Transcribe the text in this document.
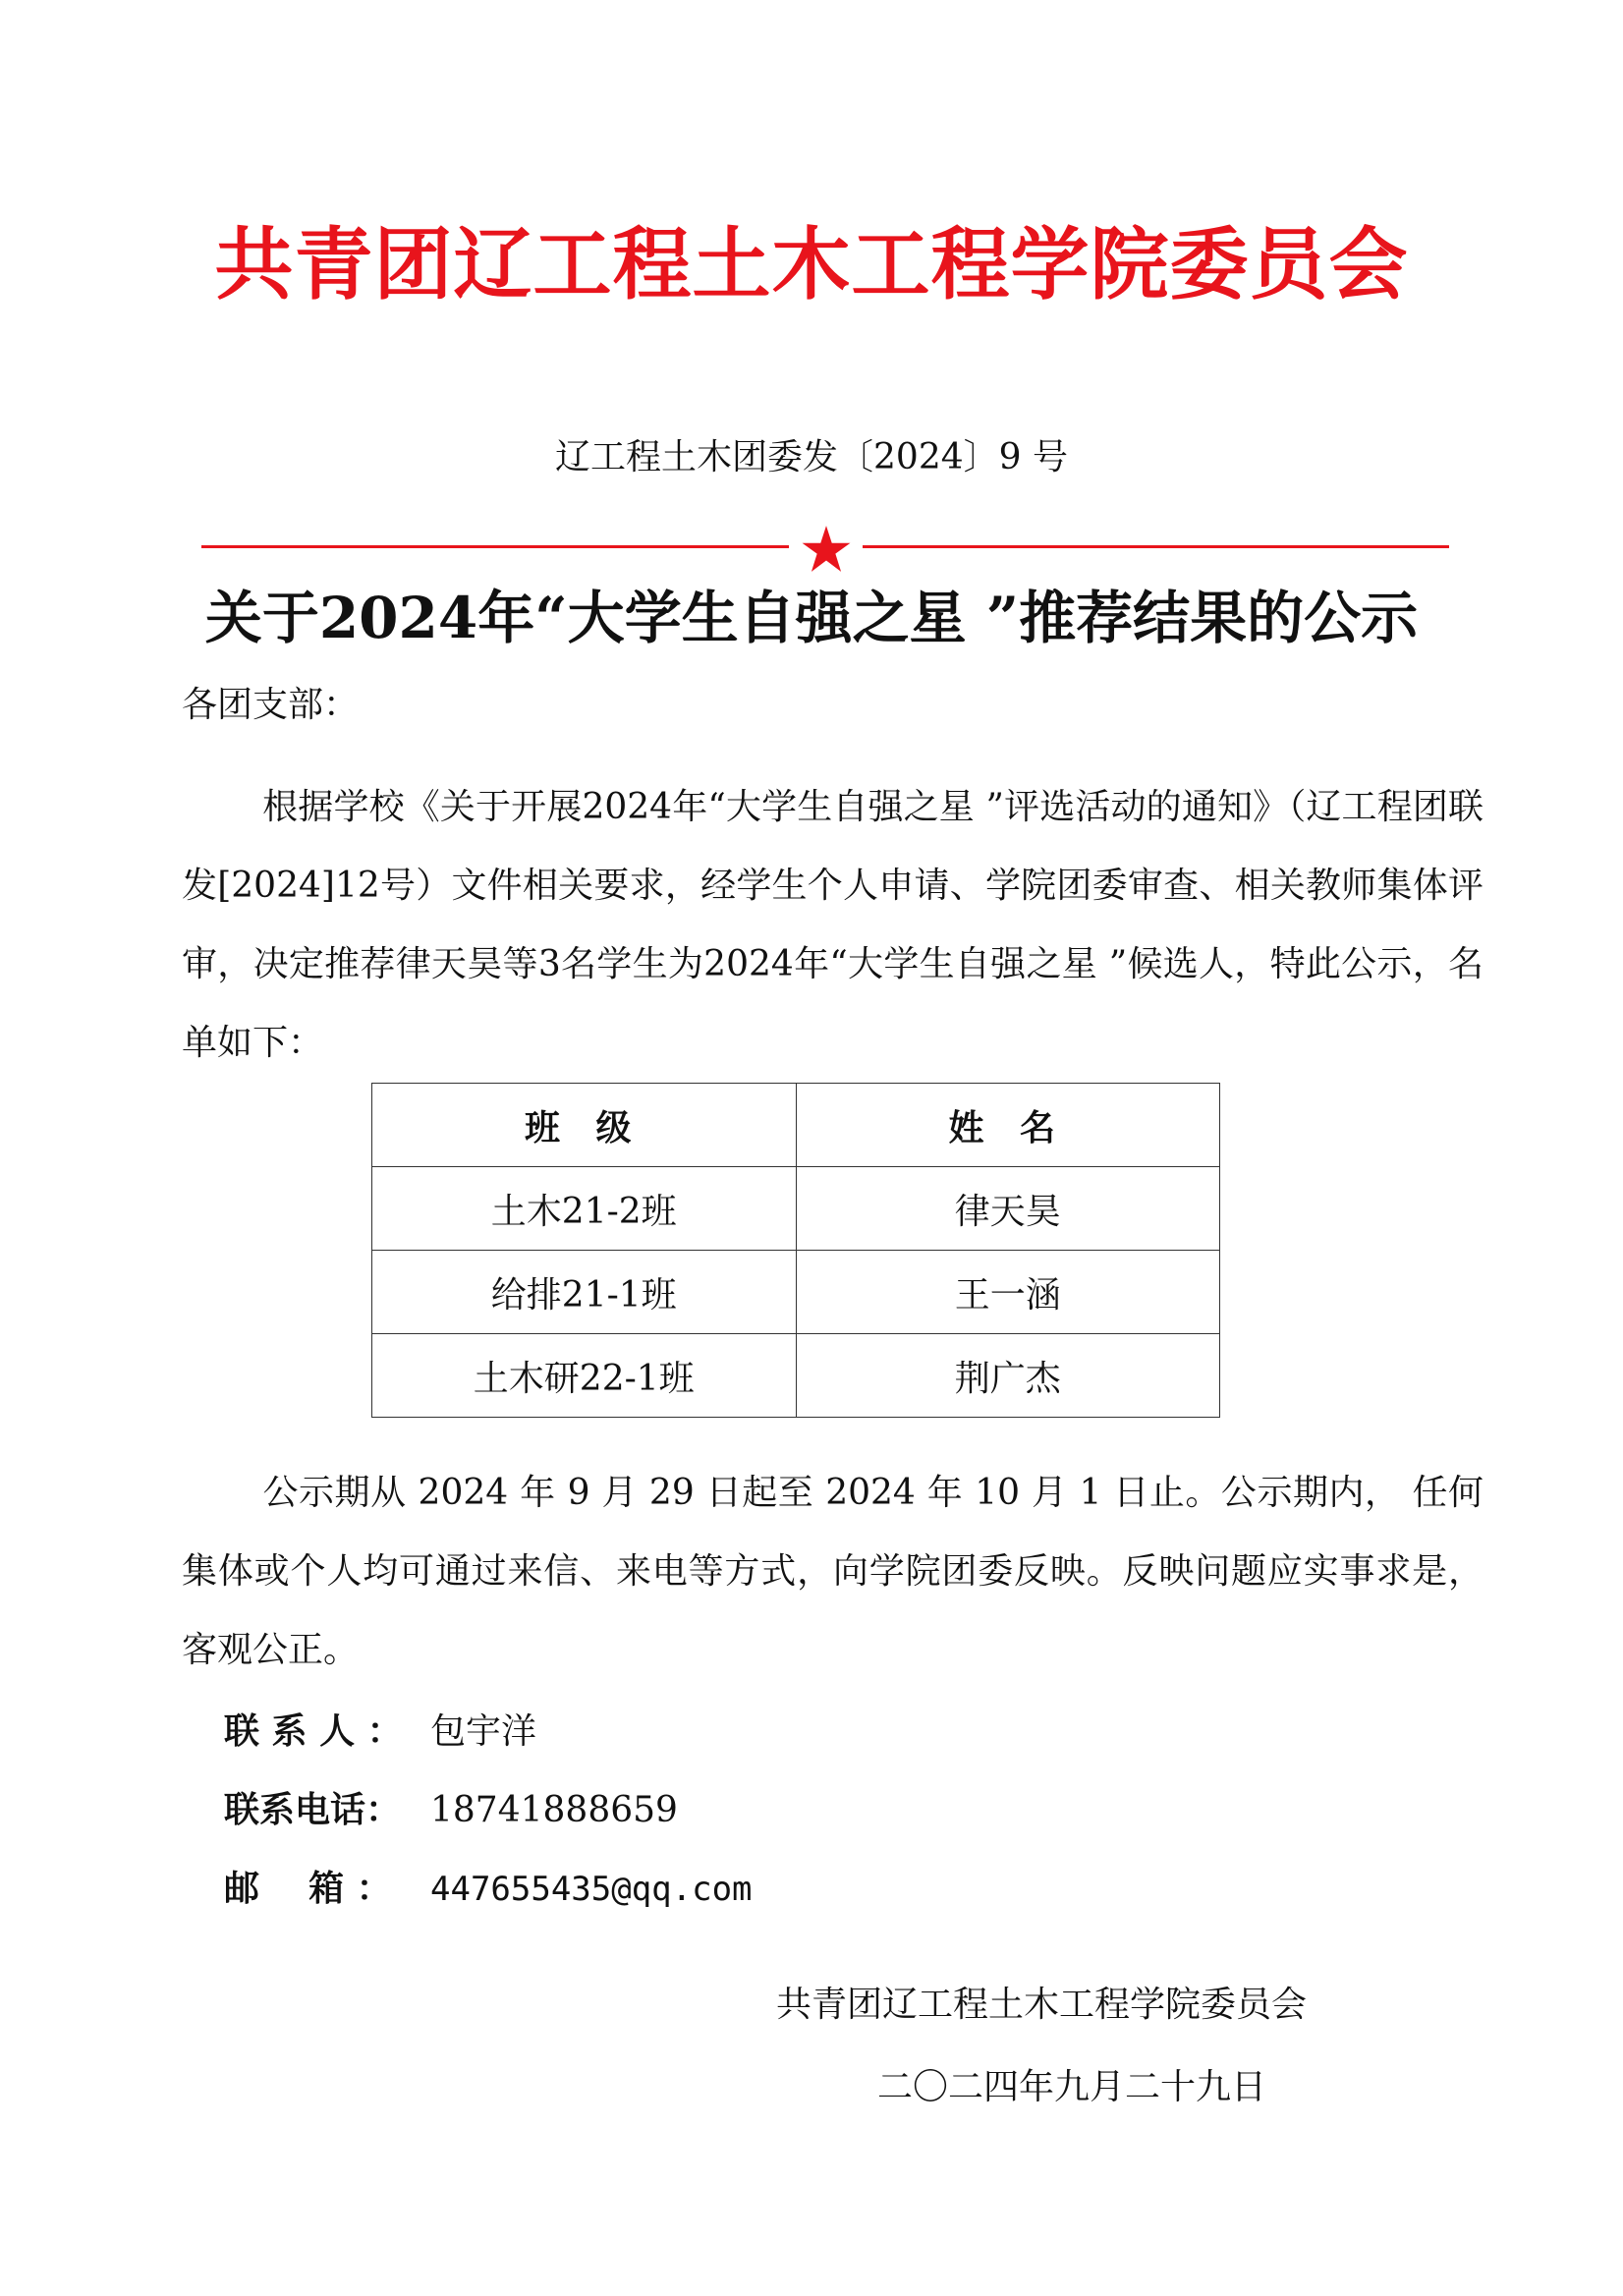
共青团辽工程土木工程学院委员会
辽工程土木团委发〔2024〕9 号
关于2024年“大学生自强之星 ”推荐结果的公示
各团支部：
根据学校《关于开展2024年“大学生自强之星 ”评选活动的通知》（辽工程团联发[2024]12号）文件相关要求，经学生个人申请、学院团委审查、相关教师集体评审，决定推荐律天昊等3名学生为2024年“大学生自强之星 ”候选人，特此公示，名单如下：
班 级	姓 名
土木21-2班	律天昊
给排21-1班	王一涵
土木研22-1班	荆广杰
公示期从 2024 年 9 月 29 日起至 2024 年 10 月 1 日止。公示期内， 任何集体或个人均可通过来信、来电等方式，向学院团委反映。反映问题应实事求是，客观公正。
联 系 人 ： 包宇洋
联系电话： 18741888659
邮    箱 ： 447655435@qq.com
共青团辽工程土木工程学院委员会
二〇二四年九月二十九日
